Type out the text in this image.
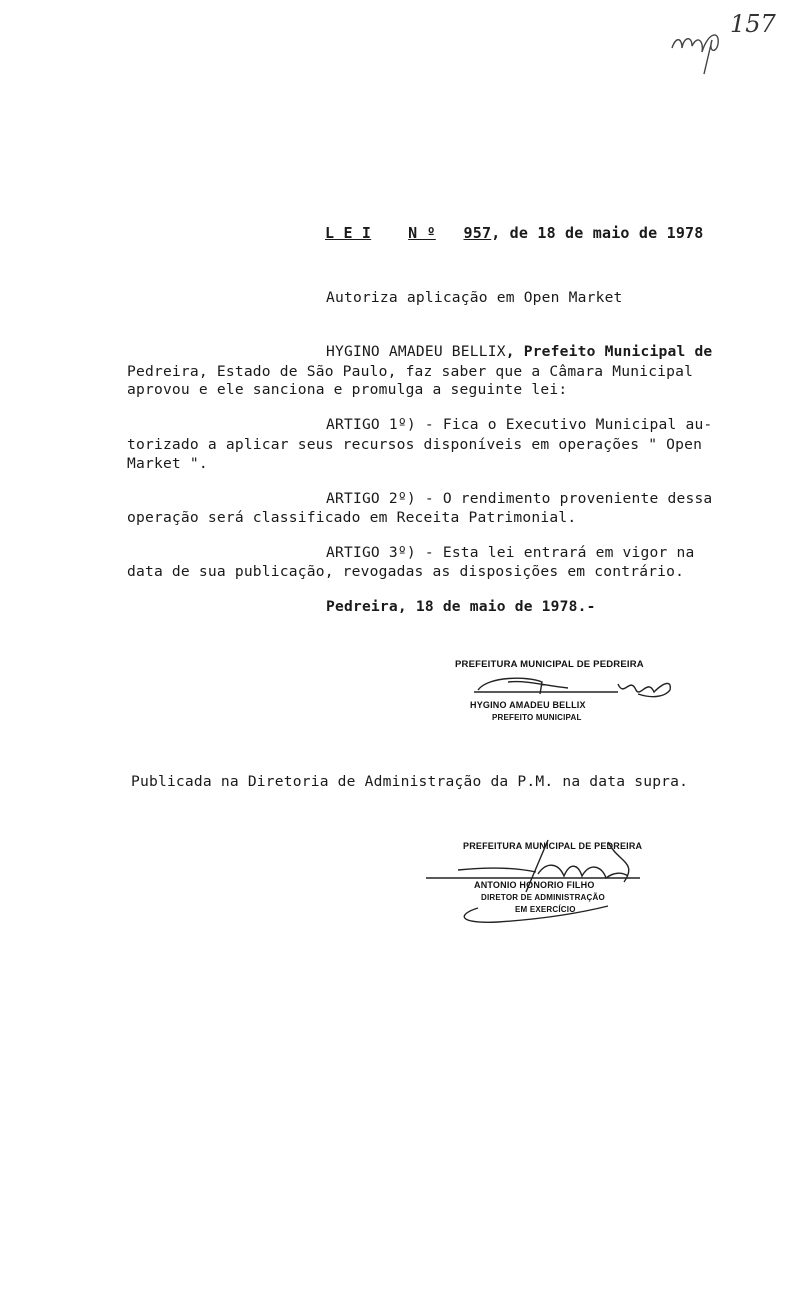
157
L E I N º 957, de 18 de maio de 1978
Autoriza aplicação em Open Market
HYGINO AMADEU BELLIX, Prefeito Municipal de
Pedreira, Estado de São Paulo, faz saber que a Câmara Municipal
aprovou e ele sanciona e promulga a seguinte lei:
ARTIGO 1º) - Fica o Executivo Municipal au-
torizado a aplicar seus recursos disponíveis em operações " Open
Market ".
ARTIGO 2º) - O rendimento proveniente dessa
operação será classificado em Receita Patrimonial.
ARTIGO 3º) - Esta lei entrará em vigor na
data de sua publicação, revogadas as disposições em contrário.
Pedreira, 18 de maio de 1978.-
PREFEITURA MUNICIPAL DE PEDREIRA
HYGINO AMADEU BELLIX
PREFEITO MUNICIPAL
Publicada na Diretoria de Administração da P.M. na data supra.
PREFEITURA MUNICIPAL DE PEDREIRA
ANTONIO HONORIO FILHO
DIRETOR DE ADMINISTRAÇÃO
EM EXERCÍCIO
